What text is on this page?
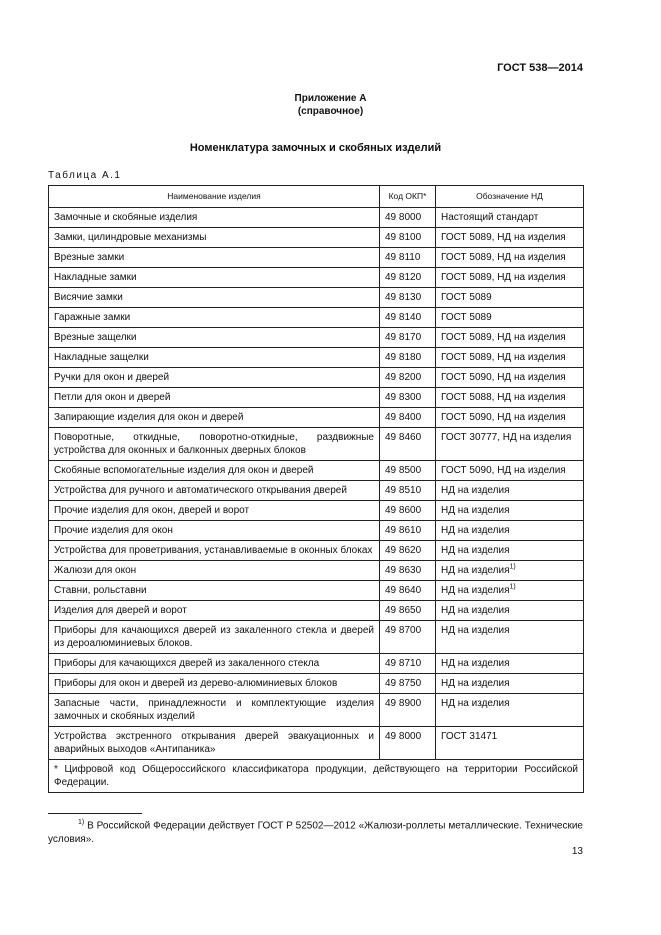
ГОСТ 538—2014
Приложение А
(справочное)
Номенклатура замочных и скобяных изделий
Таблица А.1
Наименование изделия	Код ОКП*	Обозначение НД
Замочные и скобяные изделия	49 8000	Настоящий стандарт
Замки, цилиндровые механизмы	49 8100	ГОСТ 5089, НД на изделия
Врезные замки	49 8110	ГОСТ 5089, НД на изделия
Накладные замки	49 8120	ГОСТ 5089, НД на изделия
Висячие замки	49 8130	ГОСТ 5089
Гаражные замки	49 8140	ГОСТ 5089
Врезные защелки	49 8170	ГОСТ 5089, НД на изделия
Накладные защелки	49 8180	ГОСТ 5089, НД на изделия
Ручки для окон и дверей	49 8200	ГОСТ 5090, НД на изделия
Петли для окон и дверей	49 8300	ГОСТ 5088, НД на изделия
Запирающие изделия для окон и дверей	49 8400	ГОСТ 5090, НД на изделия
Поворотные, откидные, поворотно-откидные, раздвижные устройства для оконных и балконных дверных блоков	49 8460	ГОСТ 30777, НД на изделия
Скобяные вспомогательные изделия для окон и дверей	49 8500	ГОСТ 5090, НД на изделия
Устройства для ручного и автоматического открывания дверей	49 8510	НД на изделия
Прочие изделия для окон, дверей и ворот	49 8600	НД на изделия
Прочие изделия для окон	49 8610	НД на изделия
Устройства для проветривания, устанавливаемые в оконных блоках	49 8620	НД на изделия
Жалюзи для окон	49 8630	НД на изделия$^{1)}$
Ставни, рольставни	49 8640	НД на изделия$^{1)}$
Изделия для дверей и ворот	49 8650	НД на изделия
Приборы для качающихся дверей из закаленного стекла и дверей из дероалюминиевых блоков.	49 8700	НД на изделия
Приборы для качающихся дверей из закаленного стекла	49 8710	НД на изделия
Приборы для окон и дверей из дерево-алюминиевых блоков	49 8750	НД на изделия
Запасные части, принадлежности и комплектующие изделия замочных и скобяных изделий	49 8900	НД на изделия
Устройства экстренного открывания дверей эвакуационных и аварийных выходов «Антипаника»	49 8000	ГОСТ 31471
* Цифровой код Общероссийского классификатора продукции, действующего на территории Российской Федерации.		
$^{1)}$ В Российской Федерации действует ГОСТ Р 52502—2012 «Жалюзи-роллеты металлические. Технические условия».
13
